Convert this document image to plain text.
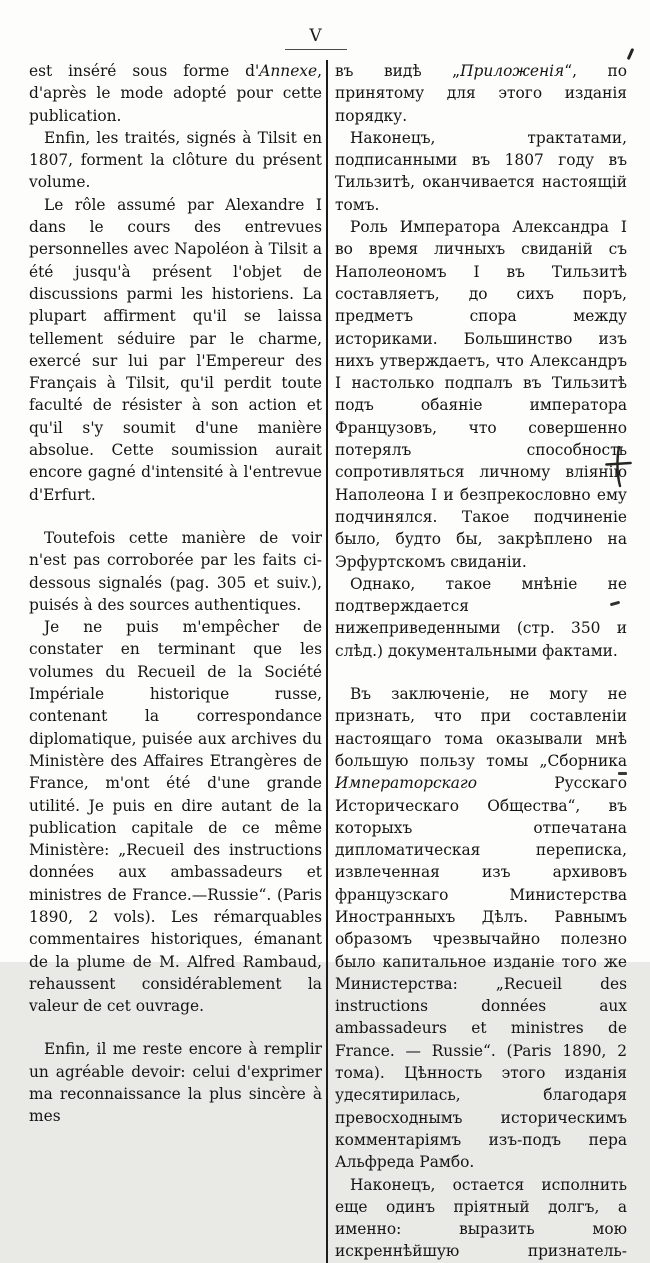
V

est inséré sous forme d'Annexe, d'après le mode adopté pour cette publication.

Enfin, les traités, signés à Tilsit en 1807, forment la clôture du présent volume.

Le rôle assumé par Alexandre I dans le cours des entrevues personnelles avec Napoléon à Tilsit a été jusqu'à présent l'objet de discussions parmi les historiens. La plupart affirment qu'il se laissa tellement séduire par le charme, exercé sur lui par l'Empereur des Français à Tilsit, qu'il perdit toute faculté de résister à son action et qu'il s'y soumit d'une manière absolue. Cette soumission aurait encore gagné d'intensité à l'entrevue d'Erfurt.

Toutefois cette manière de voir n'est pas corroborée par les faits ci-dessous signalés (pag. 305 et suiv.), puisés à des sources authentiques.

Je ne puis m'empêcher de constater en terminant que les volumes du Recueil de la Société Impériale historique russe, contenant la correspondance diplomatique, puisée aux archives du Ministère des Affaires Etrangères de France, m'ont été d'une grande utilité. Je puis en dire autant de la publication capitale de ce même Ministère: „Recueil des instructions données aux ambassadeurs et ministres de France.—Russie“. (Paris 1890, 2 vols). Les rémarquables commentaires historiques, émanant de la plume de M. Alfred Rambaud, rehaussent considérablement la valeur de cet ouvrage.

Enfin, il me reste encore à remplir un agréable devoir: celui d'exprimer ma reconnaissance la plus sincère à mes

въ видѣ „Приложенія“, по принятому для этого изданія порядку.

Наконецъ, трактатами, подписанными въ 1807 году въ Тильзитѣ, оканчивается настоящій томъ.

Роль Императора Александра I во время личныхъ свиданій съ Наполеономъ I въ Тильзитѣ составляетъ, до сихъ поръ, предметъ спора между историками. Большинство изъ нихъ утверждаетъ, что Александръ I настолько подпалъ въ Тильзитѣ подъ обаяніе императора Французовъ, что совершенно потерялъ способность сопротивляться личному вліянію Наполеона I и безпрекословно ему подчинялся. Такое подчиненіе было, будто бы, закрѣплено на Эрфуртскомъ свиданіи.

Однако, такое мнѣніе не подтверждается нижеприведенными (стр. 350 и слѣд.) документальными фактами.

Въ заключеніе, не могу не признать, что при составленіи настоящаго тома оказывали мнѣ большую пользу томы „Сборника Императорскаго Русскаго Историческаго Общества“, въ которыхъ отпечатана дипломатическая переписка, извлеченная изъ архивовъ французскаго Министерства Иностранныхъ Дѣлъ. Равнымъ образомъ чрезвычайно полезно было капитальное изданіе того же Министерства: „Recueil des instructions données aux ambassadeurs et ministres de France. — Russie“. (Paris 1890, 2 тома). Цѣнность этого изданія удесятирилась, благодаря превосходнымъ историческимъ комментаріямъ изъ-подъ пера Альфреда Рамбо.

Наконецъ, остается исполнить еще одинъ пріятный долгъ, а именно: выразить мою искреннѣйшую признатель-
